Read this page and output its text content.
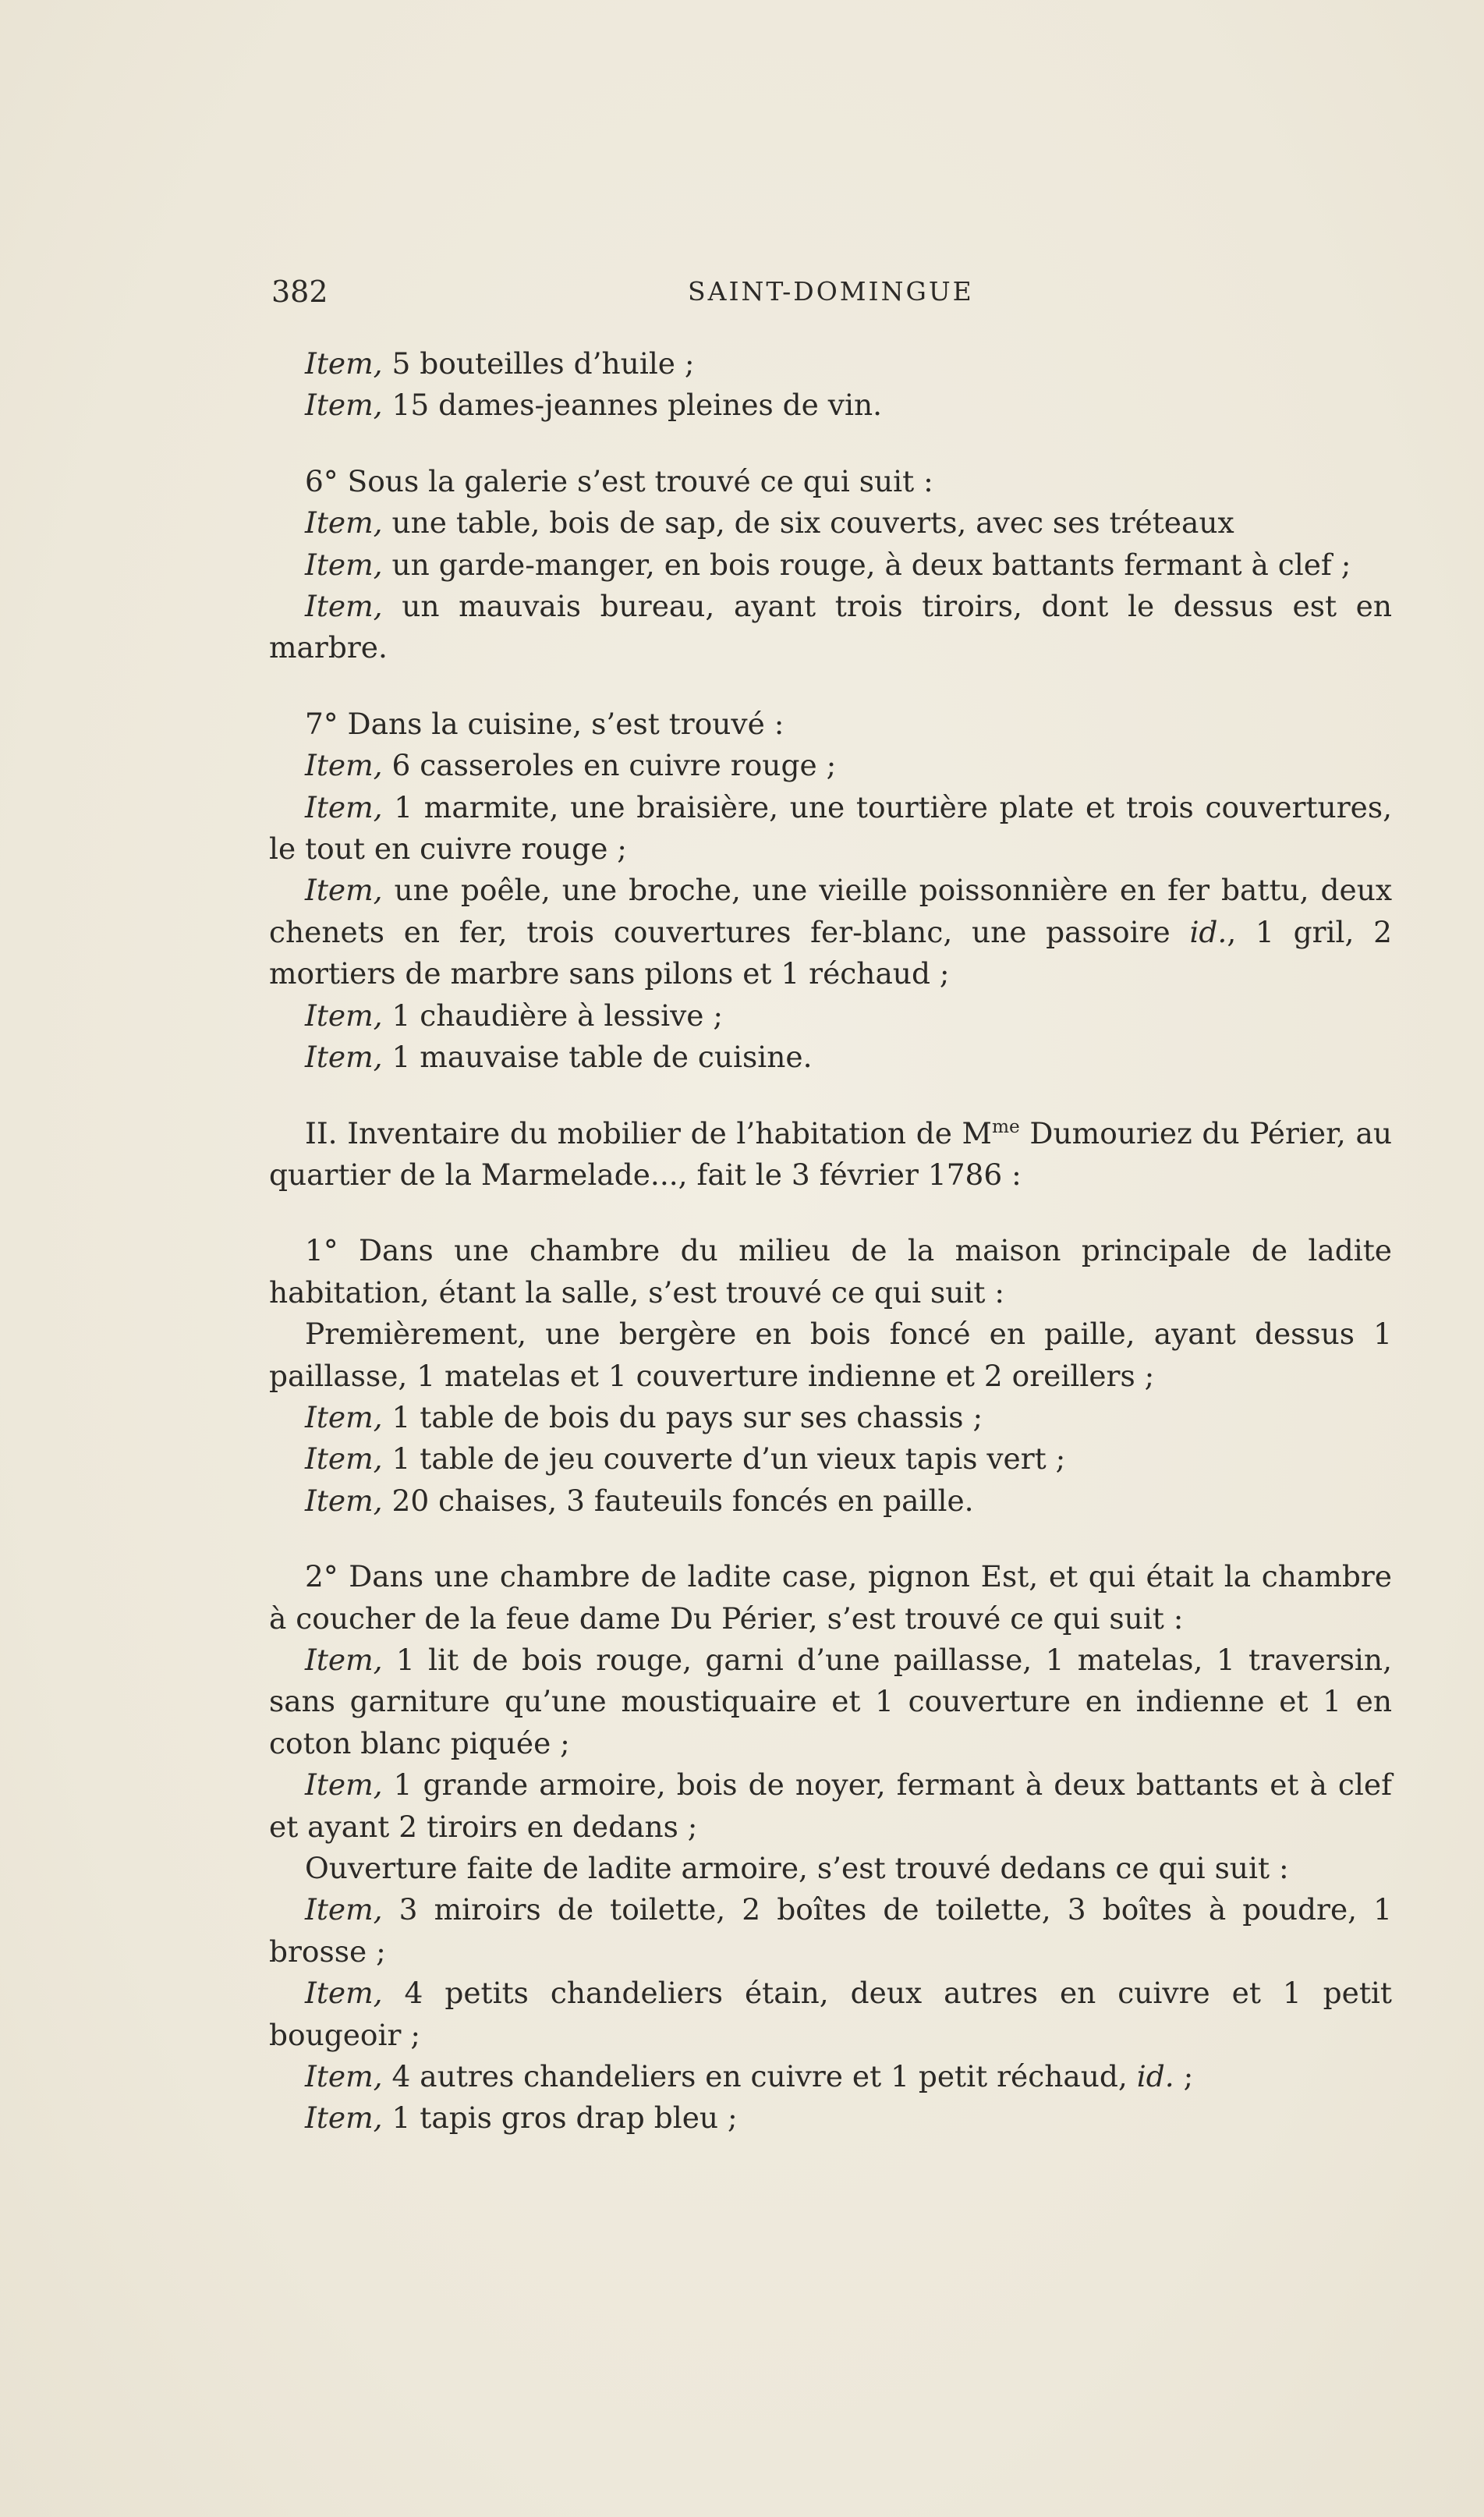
382	SAINT-DOMINGUE

Item, 5 bouteilles d’huile ;

Item, 15 dames-jeannes pleines de vin.

6° Sous la galerie s’est trouvé ce qui suit :

Item, une table, bois de sap, de six couverts, avec ses tréteaux

Item, un garde-manger, en bois rouge, à deux battants fermant à clef ;

Item, un mauvais bureau, ayant trois tiroirs, dont le dessus est en marbre.

7° Dans la cuisine, s’est trouvé :

Item, 6 casseroles en cuivre rouge ;

Item, 1 marmite, une braisière, une tourtière plate et trois couvertures, le tout en cuivre rouge ;

Item, une poêle, une broche, une vieille poissonnière en fer battu, deux chenets en fer, trois couvertures fer-blanc, une passoire id., 1 gril, 2 mortiers de marbre sans pilons et 1 réchaud ;

Item, 1 chaudière à lessive ;

Item, 1 mauvaise table de cuisine.

II. Inventaire du mobilier de l’habitation de $M^{me}$ Dumouriez du Périer, au quartier de la Marmelade..., fait le 3 février 1786 :

1° Dans une chambre du milieu de la maison principale de ladite habitation, étant la salle, s’est trouvé ce qui suit :

Premièrement, une bergère en bois foncé en paille, ayant dessus 1 paillasse, 1 matelas et 1 couverture indienne et 2 oreillers ;

Item, 1 table de bois du pays sur ses chassis ;

Item, 1 table de jeu couverte d’un vieux tapis vert ;

Item, 20 chaises, 3 fauteuils foncés en paille.

2° Dans une chambre de ladite case, pignon Est, et qui était la chambre à coucher de la feue dame Du Périer, s’est trouvé ce qui suit :

Item, 1 lit de bois rouge, garni d’une paillasse, 1 matelas, 1 traversin, sans garniture qu’une moustiquaire et 1 couverture en indienne et 1 en coton blanc piquée ;

Item, 1 grande armoire, bois de noyer, fermant à deux battants et à clef et ayant 2 tiroirs en dedans ;

Ouverture faite de ladite armoire, s’est trouvé dedans ce qui suit :

Item, 3 miroirs de toilette, 2 boîtes de toilette, 3 boîtes à poudre, 1 brosse ;

Item, 4 petits chandeliers étain, deux autres en cuivre et 1 petit bougeoir ;

Item, 4 autres chandeliers en cuivre et 1 petit réchaud, id. ;

Item, 1 tapis gros drap bleu ;
